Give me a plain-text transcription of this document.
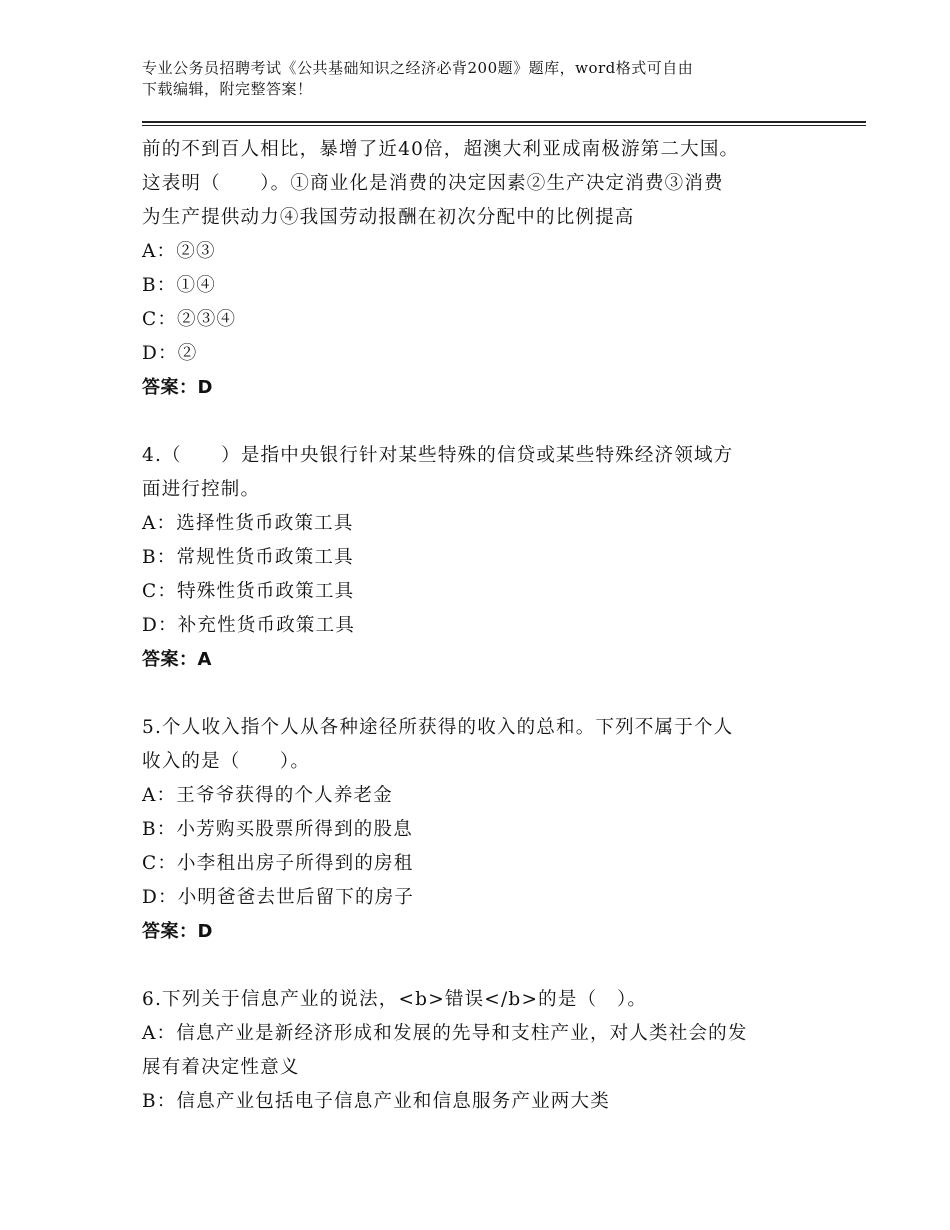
专业公务员招聘考试《公共基础知识之经济必背200题》题库，word格式可自由
下载编辑，附完整答案！
前的不到百人相比，暴增了近40倍，超澳大利亚成南极游第二大国。
这表明（　　）。①商业化是消费的决定因素②生产决定消费③消费
为生产提供动力④我国劳动报酬在初次分配中的比例提高
A：②③
B：①④
C：②③④
D：②
答案：D
4.（　　）是指中央银行针对某些特殊的信贷或某些特殊经济领域方
面进行控制。
A：选择性货币政策工具
B：常规性货币政策工具
C：特殊性货币政策工具
D：补充性货币政策工具
答案：A
5.个人收入指个人从各种途径所获得的收入的总和。下列不属于个人
收入的是（　　）。
A：王爷爷获得的个人养老金
B：小芳购买股票所得到的股息
C：小李租出房子所得到的房租
D：小明爸爸去世后留下的房子
答案：D
6.下列关于信息产业的说法，<b>错误</b>的是（　）。
A：信息产业是新经济形成和发展的先导和支柱产业，对人类社会的发
展有着决定性意义
B：信息产业包括电子信息产业和信息服务产业两大类
